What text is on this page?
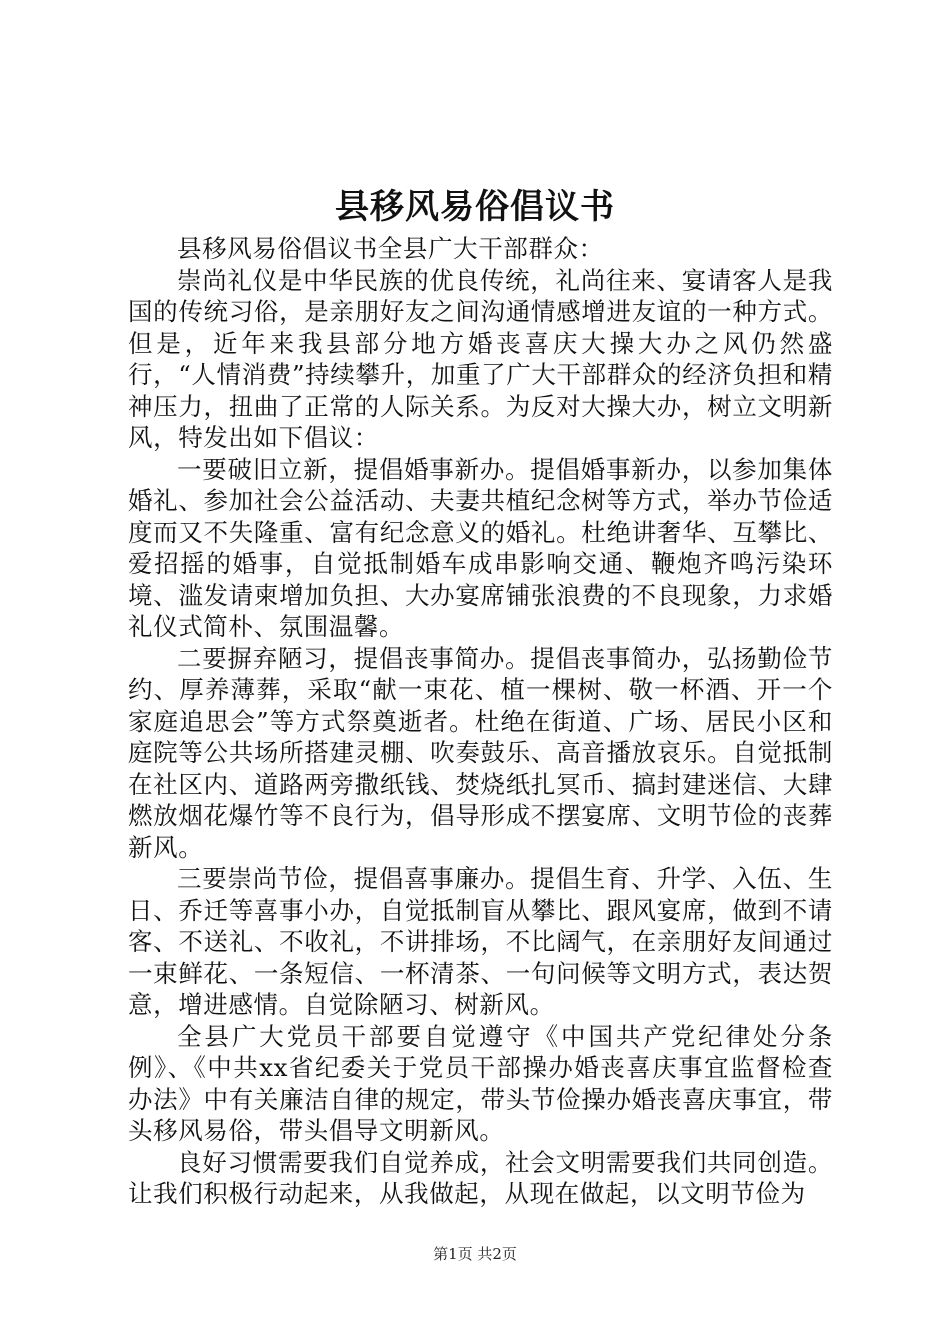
县移风易俗倡议书

县移风易俗倡议书全县广大干部群众：

崇尚礼仪是中华民族的优良传统，礼尚往来、宴请客人是我国的传统习俗，是亲朋好友之间沟通情感增进友谊的一种方式。但是，近年来我县部分地方婚丧喜庆大操大办之风仍然盛行，“人情消费”持续攀升，加重了广大干部群众的经济负担和精神压力，扭曲了正常的人际关系。为反对大操大办，树立文明新风，特发出如下倡议：

一要破旧立新，提倡婚事新办。提倡婚事新办，以参加集体婚礼、参加社会公益活动、夫妻共植纪念树等方式，举办节俭适度而又不失隆重、富有纪念意义的婚礼。杜绝讲奢华、互攀比、爱招摇的婚事，自觉抵制婚车成串影响交通、鞭炮齐鸣污染环境、滥发请柬增加负担、大办宴席铺张浪费的不良现象，力求婚礼仪式简朴、氛围温馨。

二要摒弃陋习，提倡丧事简办。提倡丧事简办，弘扬勤俭节约、厚养薄葬，采取“献一束花、植一棵树、敬一杯酒、开一个家庭追思会”等方式祭奠逝者。杜绝在街道、广场、居民小区和庭院等公共场所搭建灵棚、吹奏鼓乐、高音播放哀乐。自觉抵制在社区内、道路两旁撒纸钱、焚烧纸扎冥币、搞封建迷信、大肆燃放烟花爆竹等不良行为，倡导形成不摆宴席、文明节俭的丧葬新风。

三要崇尚节俭，提倡喜事廉办。提倡生育、升学、入伍、生日、乔迁等喜事小办，自觉抵制盲从攀比、跟风宴席，做到不请客、不送礼、不收礼，不讲排场，不比阔气，在亲朋好友间通过一束鲜花、一条短信、一杯清茶、一句问候等文明方式，表达贺意，增进感情。自觉除陋习、树新风。

全县广大党员干部要自觉遵守《中国共产党纪律处分条例》、《中共xx省纪委关于党员干部操办婚丧喜庆事宜监督检查办法》中有关廉洁自律的规定，带头节俭操办婚丧喜庆事宜，带头移风易俗，带头倡导文明新风。

良好习惯需要我们自觉养成，社会文明需要我们共同创造。让我们积极行动起来，从我做起，从现在做起，以文明节俭为

第1页 共2页
